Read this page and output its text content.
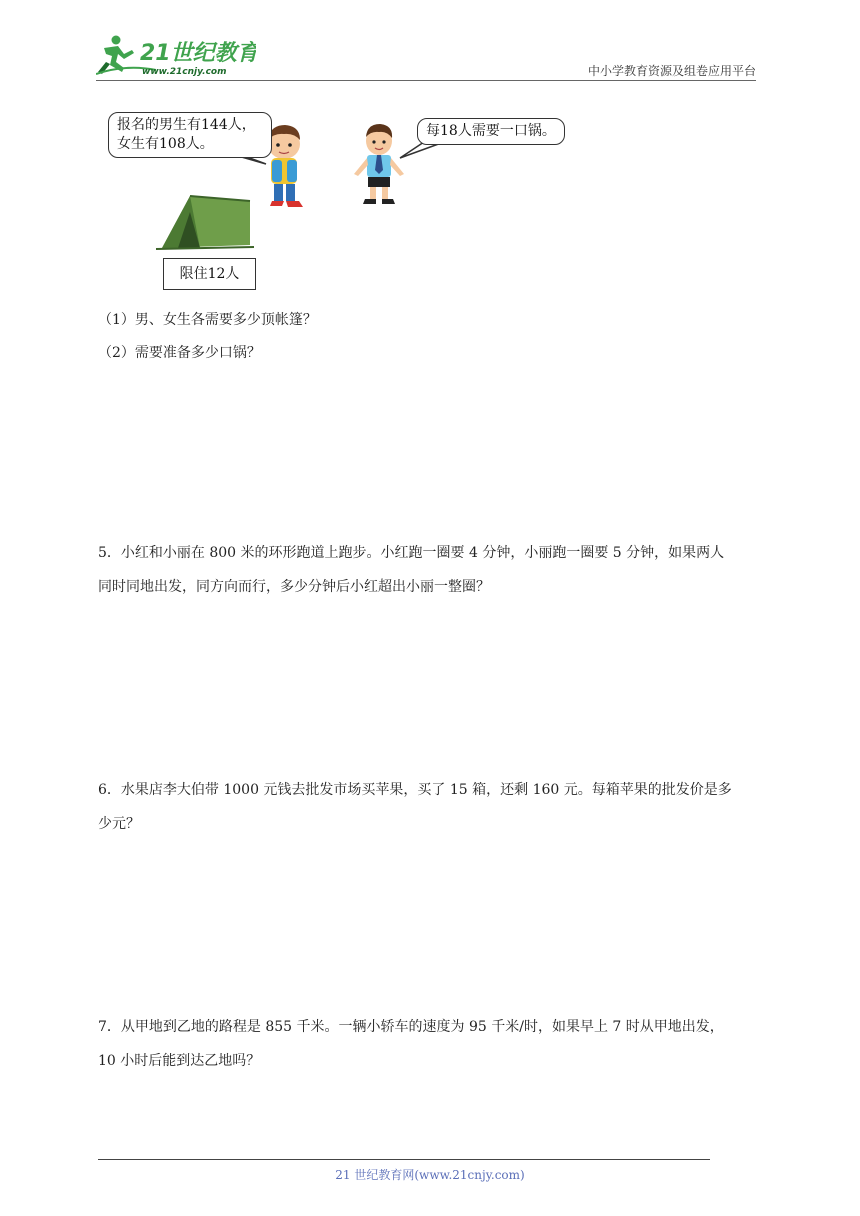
21世纪教育
www.21cnjy.com	中小学教育资源及组卷应用平台
报名的男生有144人，
女生有108人。
每18人需要一口锅。
限住12人
（1）男、女生各需要多少顶帐篷？
（2）需要准备多少口锅？
5．小红和小丽在 800 米的环形跑道上跑步。小红跑一圈要 4 分钟，小丽跑一圈要 5 分钟，如果两人
同时同地出发，同方向而行，多少分钟后小红超出小丽一整圈？
6．水果店李大伯带 1000 元钱去批发市场买苹果，买了 15 箱，还剩 160 元。每箱苹果的批发价是多
少元？
7．从甲地到乙地的路程是 855 千米。一辆小轿车的速度为 95 千米/时，如果早上 7 时从甲地出发，
10 小时后能到达乙地吗？
21 世纪教育网(www.21cnjy.com)
